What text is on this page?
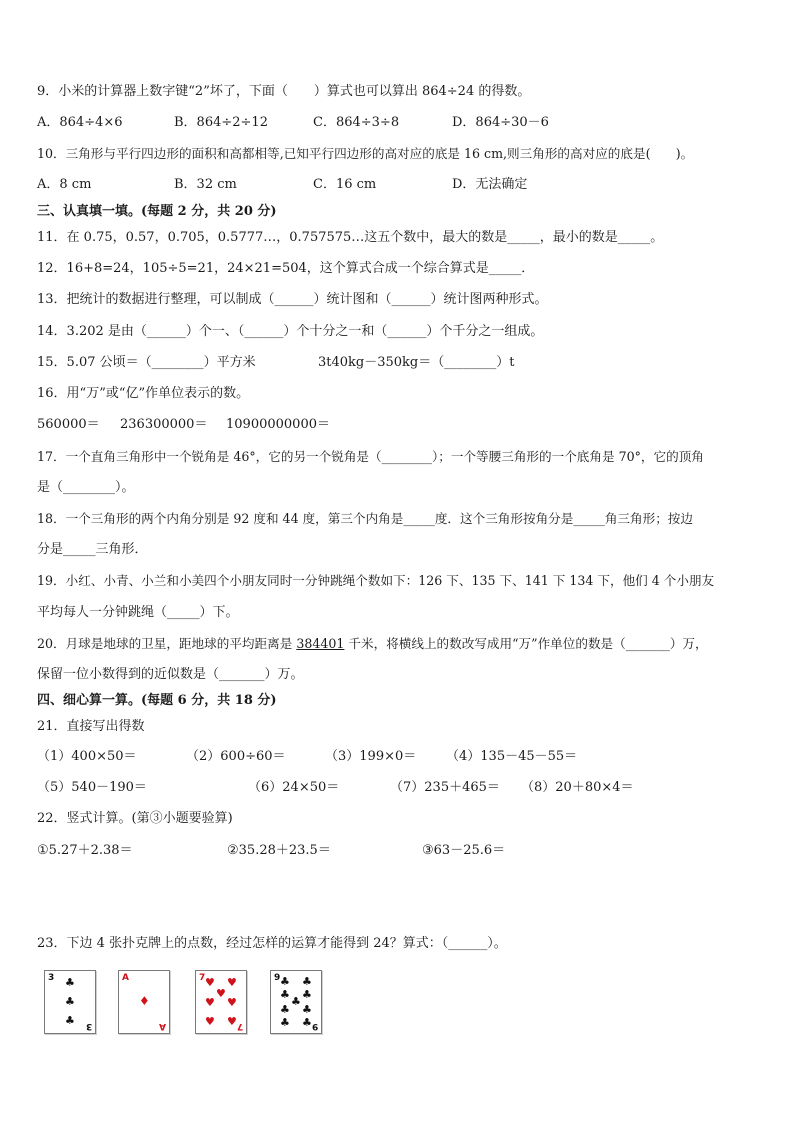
9．小米的计算器上数字键“2”坏了，下面（　　）算式也可以算出 864÷24 的得数。
A．864÷4×6	B．864÷2÷12	C．864÷3÷8	D．864÷30－6
10．三角形与平行四边形的面积和高都相等,已知平行四边形的高对应的底是 16 cm,则三角形的高对应的底是(　　)。
A．8 cm	B．32 cm	C．16 cm	D．无法确定
三、认真填一填。(每题 2 分，共 20 分)
11．在 0.75，0.57，0.705，0.5777…，0.757575…这五个数中，最大的数是_____，最小的数是_____。
12．16+8=24，105÷5=21，24×21=504，这个算式合成一个综合算式是_____．
13．把统计的数据进行整理，可以制成（______）统计图和（______）统计图两种形式。
14．3.202 是由（______）个一、（______）个十分之一和（______）个千分之一组成。
15．5.07 公顷＝（________）平方米	3t40kg－350kg＝（________）t
16．用“万”或“亿”作单位表示的数。
560000＝ 236300000＝ 10900000000＝
17．一个直角三角形中一个锐角是 46°，它的另一个锐角是（________）；一个等腰三角形的一个底角是 70°，它的顶角
是（________）。
18．一个三角形的两个内角分别是 92 度和 44 度，第三个内角是_____度．这个三角形按角分是_____角三角形；按边
分是_____三角形．
19．小红、小青、小兰和小美四个小朋友同时一分钟跳绳个数如下：126 下、135 下、141 下 134 下，他们 4 个小朋友
平均每人一分钟跳绳（_____）下。
20．月球是地球的卫星，距地球的平均距离是 384401 千米，将横线上的数改写成用“万”作单位的数是（_______）万，
保留一位小数得到的近似数是（_______）万。
四、细心算一算。(每题 6 分，共 18 分)
21．直接写出得数
（1）400×50＝	（2）600÷60＝	（3）199×0＝ （4）135－45－55＝
（5）540－190＝	（6）24×50＝	（7）235＋465＝ （8）20＋80×4＝
22．竖式计算。(第③小题要验算)
①5.27＋2.38＝	②35.28＋23.5＝	③63－25.6＝
23．下边 4 张扑克牌上的点数，经过怎样的运算才能得到 24？算式：（______）。
3 ♣
♣
♣ 3
A
♦
A
7 ♥ ♥
♥
♥ ♥
♥ ♥ 7
9 ♣ ♣
♣ ♣
♣
♣ ♣
♣ ♣ 9
